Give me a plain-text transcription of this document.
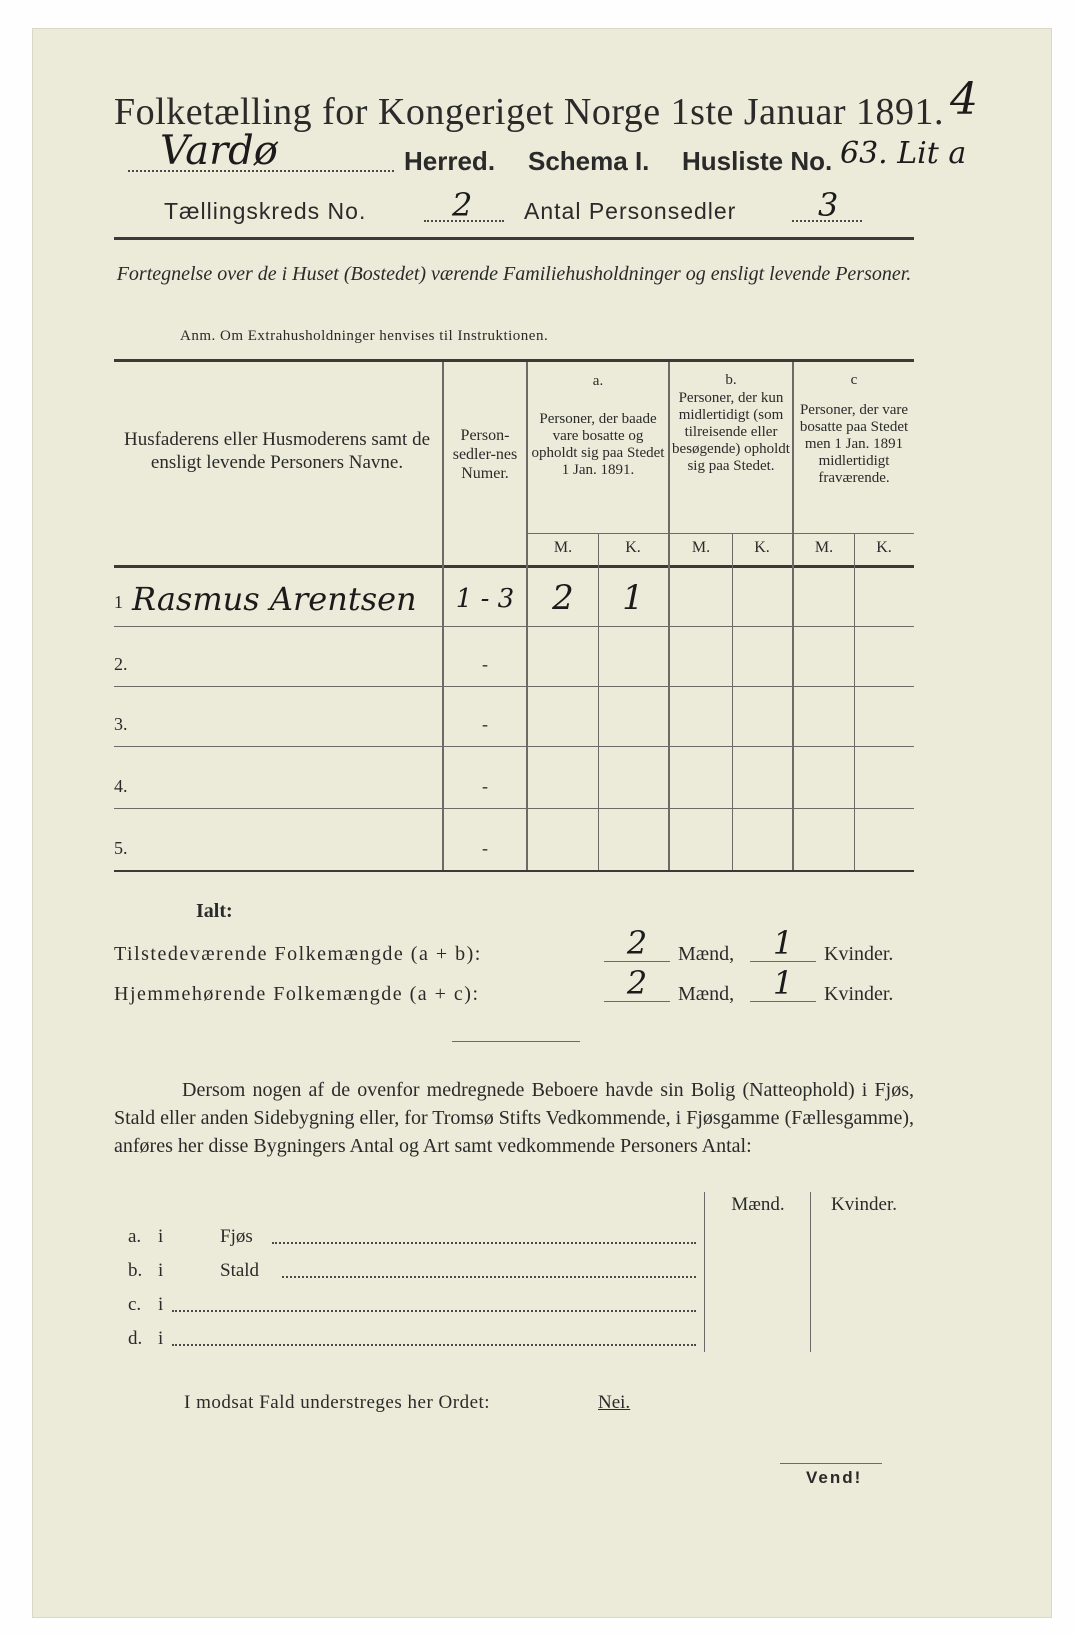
Folketælling for Kongeriget Norge 1ste Januar 1891. 4
Vardø	Herred. Schema I. Husliste No. 63. Lit a
Tællingskreds No.	2 Antal Personsedler	3
Fortegnelse over de i Huset (Bostedet) værende Familiehusholdninger og ensligt levende Personer.
Anm. Om Extrahusholdninger henvises til Instruktionen.
Husfaderens eller Husmoderens samt de ensligt levende Personers Navne.
Person-sedler-nes Numer.
a.
Personer, der baade vare bosatte og opholdt sig paa Stedet 1 Jan. 1891.
b.
Personer, der kun midlertidigt (som tilreisende eller besøgende) opholdt sig paa Stedet.
c
Personer, der vare bosatte paa Stedet men 1 Jan. 1891 midlertidigt fraværende.
M.	K.	M.	K.	M.	K.
1 Rasmus Arentsen	1 - 3	2	1
2.	-
3.	-
4.	-
5.	-
Ialt:
Tilstedeværende Folkemængde (a + b):	2	Mænd,	1	Kvinder.
Hjemmehørende Folkemængde (a + c):	2	Mænd,	1	Kvinder.
Dersom nogen af de ovenfor medregnede Beboere havde sin Bolig (Natteophold) i Fjøs, Stald eller anden Sidebygning eller, for Tromsø Stifts Vedkommende, i Fjøsgamme (Fællesgamme), anføres her disse Bygningers Antal og Art samt vedkommende Personers Antal:
Mænd.	Kvinder.
a. i	Fjøs
b. i	Stald
c. i
d. i
I modsat Fald understreges her Ordet:	Nei.
Vend!
